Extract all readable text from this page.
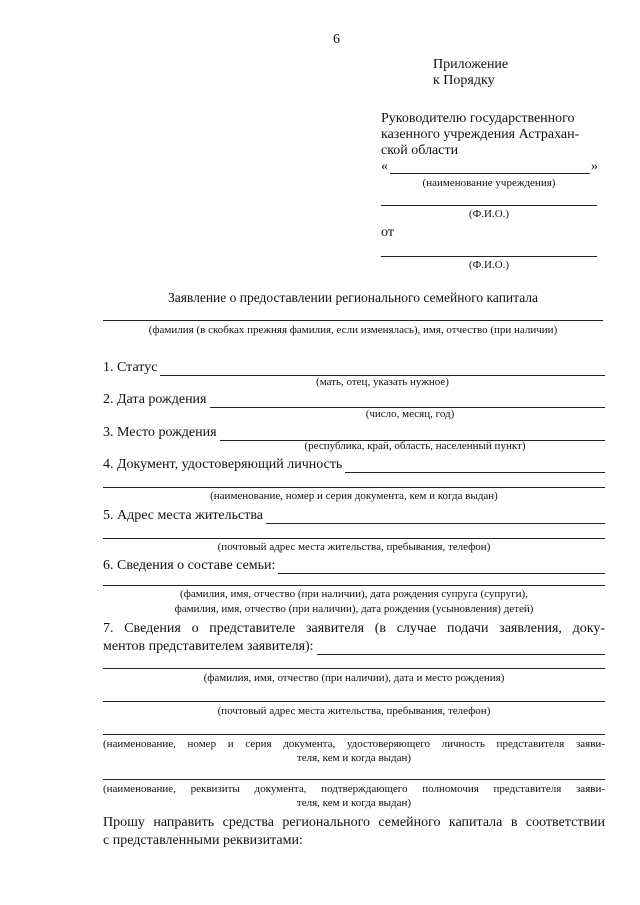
6
Приложение
к Порядку
Руководителю государственного
казенного учреждения Астрахан-
ской области
«	»
(наименование учреждения)
(Ф.И.О.)
от
(Ф.И.О.)
Заявление о предоставлении регионального семейного капитала
(фамилия (в скобках прежняя фамилия, если изменялась), имя, отчество (при наличии)
1. Статус
(мать, отец, указать нужное)
2. Дата рождения
(число, месяц, год)
3. Место рождения
(республика, край, область, населенный пункт)
4. Документ, удостоверяющий личность
(наименование, номер и серия документа, кем и когда выдан)
5. Адрес места жительства
(почтовый адрес места жительства, пребывания, телефон)
6. Сведения о составе семьи:
(фамилия, имя, отчество (при наличии), дата рождения супруга (супруги),
фамилия, имя, отчество (при наличии), дата рождения (усыновления) детей)
7. Сведения о представителе заявителя (в случае подачи заявления, доку-
ментов представителем заявителя):
(фамилия, имя, отчество (при наличии), дата и место рождения)
(почтовый адрес места жительства, пребывания, телефон)
(наименование, номер и серия документа, удостоверяющего личность представителя заяви-
теля, кем и когда выдан)
(наименование, реквизиты документа, подтверждающего полномочия представителя заяви-
теля, кем и когда выдан)
Прошу направить средства регионального семейного капитала в соответствии
с представленными реквизитами:
